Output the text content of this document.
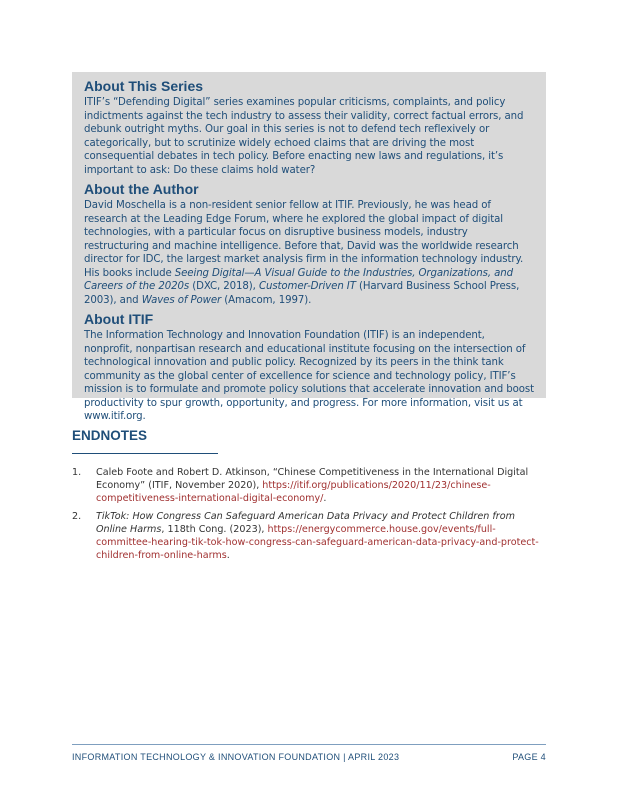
About This Series
ITIF’s “Defending Digital” series examines popular criticisms, complaints, and policy indictments against the tech industry to assess their validity, correct factual errors, and debunk outright myths. Our goal in this series is not to defend tech reflexively or categorically, but to scrutinize widely echoed claims that are driving the most consequential debates in tech policy. Before enacting new laws and regulations, it’s important to ask: Do these claims hold water?
About the Author
David Moschella is a non-resident senior fellow at ITIF. Previously, he was head of research at the Leading Edge Forum, where he explored the global impact of digital technologies, with a particular focus on disruptive business models, industry restructuring and machine intelligence. Before that, David was the worldwide research director for IDC, the largest market analysis firm in the information technology industry. His books include Seeing Digital—A Visual Guide to the Industries, Organizations, and Careers of the 2020s (DXC, 2018), Customer-Driven IT (Harvard Business School Press, 2003), and Waves of Power (Amacom, 1997).
About ITIF
The Information Technology and Innovation Foundation (ITIF) is an independent, nonprofit, nonpartisan research and educational institute focusing on the intersection of technological innovation and public policy. Recognized by its peers in the think tank community as the global center of excellence for science and technology policy, ITIF’s mission is to formulate and promote policy solutions that accelerate innovation and boost productivity to spur growth, opportunity, and progress. For more information, visit us at www.itif.org.
ENDNOTES
1.	Caleb Foote and Robert D. Atkinson, “Chinese Competitiveness in the International Digital Economy” (ITIF, November 2020), https://itif.org/publications/2020/11/23/chinese-competitiveness-international-digital-economy/.
2.	TikTok: How Congress Can Safeguard American Data Privacy and Protect Children from Online Harms, 118th Cong. (2023), https://energycommerce.house.gov/events/full-committee-hearing-tik-tok-how-congress-can-safeguard-american-data-privacy-and-protect-children-from-online-harms.
INFORMATION TECHNOLOGY & INNOVATION FOUNDATION | APRIL 2023	PAGE 4
